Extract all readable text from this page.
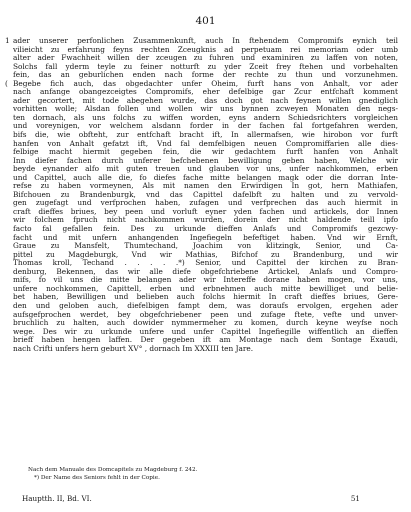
401
1 ader unserer perfonlichen Zusammenkunft, auch In ftehendem Compromifs eynich teil
vilieicht zu erfahrung feyns rechten Zceugknis ad perpetuam rei memoriam oder umb
alter ader Fwachheit willen der zceugen zu fuhren und examiniren zu laffen von noten,
Solchs fall yderm teyle zu feiner notturft zu yder Zceit frey ftehen und vorbehalten
fein, das an geburlichen enden nach forme der rechte zu thun und vorzunehmen.
( Begebe fich auch, das obgedachter unfer Oheim, furft hans von Anhalt, vor ader
nach anfange obangezceigtes Compromifs, eher defelbige gar Zcur entfchaft komment
ader gecortert, mit tode abegehen wurde, das doch got nach feynen willen gnediglich
vorhitten wolle; Alsdan follen und wollen wir uns bynnen zcweyen Monaten den negs-
ten dornach, als uns folchs zu wiffen worden, eyns andern Schiedsrichters vorgleichen
und voreynigen, vor welchem alsdann forder in der fachen fal fortgefahren werden,
bifs die, wie obfteht, zur entfchaft bracht ift, In allermafsen, wie hirobon vor furft
hanfen von Anhalt gefatzt ift, Vnd fal demfelbigen neuen Compromiffarien alle dies-
felbige macht hiermit gegeben fein, die wir gedachtem furft hanfen von Anhalt
Inn diefer fachen durch unferer befchebenen bewilligung geben haben, Welche wir
beyde eynander alfo mit guten treuen und glauben vor uns, unfer nachkommen, erben
und Capittel, auch alle die, fo diefes fache mitte belangen magk oder die dorran Inte-
refse zu haben vormeynen, Als mit namen den Erwirdigen In got, hern Mathiafen,
Bifchouen zu Brandenburgk, vnd das Capittel dafelbft zu halten und zu vervold-
gen zugefagt und verfprochen haben, zufagen und verfprechen das auch hiermit in
craft dieffes briues, bey peen und vorluft eyner yden fachen und artickels, dor Innen
wir folchem fpruch nicht nachkommen wurden, dorein der nicht haldende teill ipfo
facto fal gefallen fein. Des zu urkunde dieffen Anlafs und Compromifs gezcwy-
facht und mit unfern anhangenden Ingefiegeln befeftiget haben. Vnd wir Ernft,
Graue zu Mansfelt, Thumtechand, Joachim von klitzingk, Senior, und Ca-
pittel zu Magdeburgk, Vnd wir Mathias, Bifchof zu Brandenburg, und wir
Thomas kroll, Techand . . . . .*) Senior, und Capittel der kirchen zu Bran-
denburg, Bekennen, das wir alle diefe obgefchriebene Artickel, Anlafs und Compro-
mifs, fo vil uns die mitte belangen ader wir Intereffe dorane haben mogen, vor uns,
unfere nochkommen, Capittell, erben und erbnehmen auch mitte bewilliget und belie-
bet haben, Bewilligen und belieben auch folchs hiermit In craft dieffes briues, Gere-
den und geloben auch, diefelbigen fampt dem, was doraufs ervolgen, ergehen ader
aufsgefprochen werdet, bey obgefchriebener peen und zufage ftete, vefte und unver-
bruchlich zu halten, auch dowider nymmermeher zu komen, durch keyne weyfse noch
wege. Des wir zu urkunde unfere und unfer Capittel Ingefiegille wiffentlich an dieffen
brieff haben hengen laffen. Der gegeben ift am Montage nach dem Sontage Exaudi,
nach Crifti unfers hern geburt XV° , dornach Im XXXIII ten Jare.
Nach dem Manuale des Domcapitels zu Magdeburg f. 242.
*) Der Name des Seniors fehlt in der Copie.
Hauptth. II, Bd. VI.	51
